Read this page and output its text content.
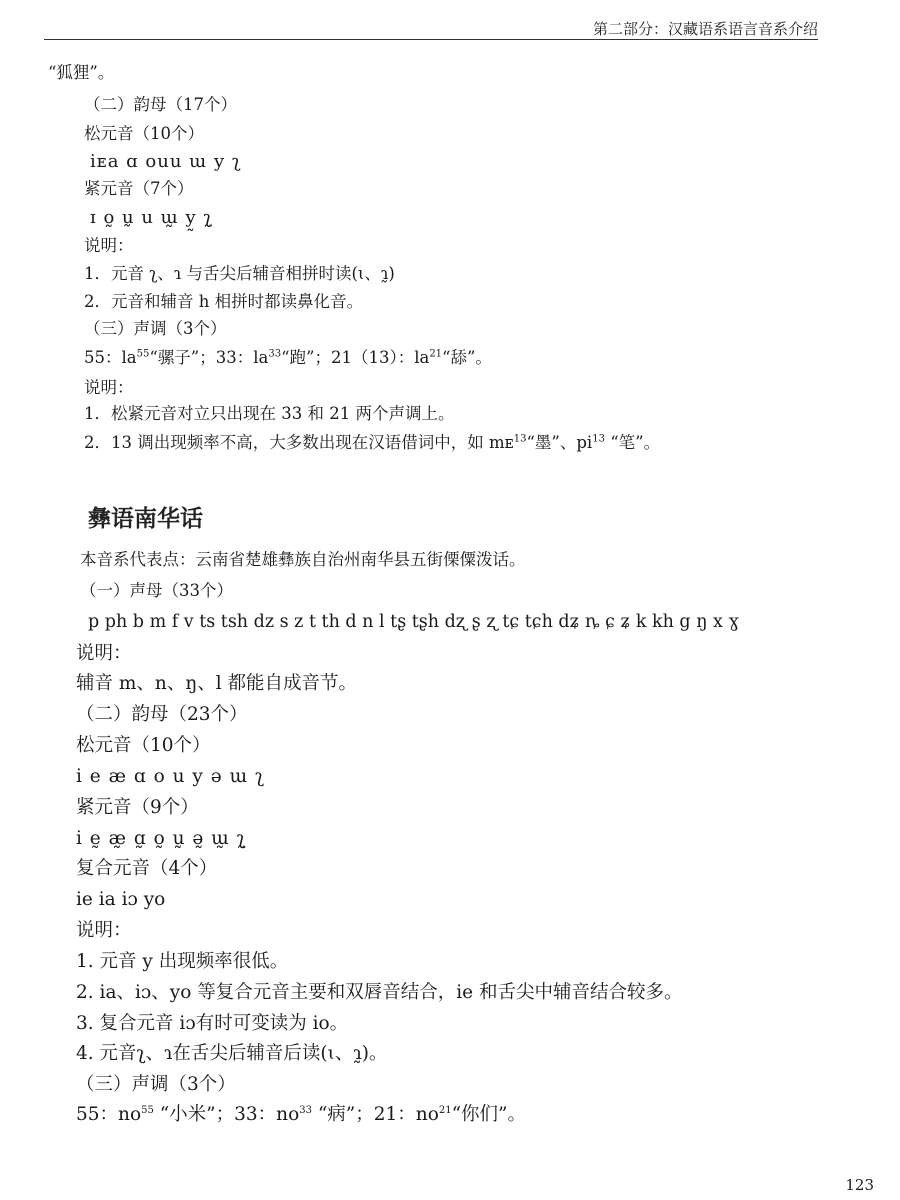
第二部分：汉藏语系语言音系介绍
“狐狸”。
（二）韵母（17个）
松元音（10个）
iᴇa ɑ ouu ɯ y ʅ
紧元音（7个）
ɪ o̰ ṵ u ɯ̰ y̰ ʅ̰
说明：
1．元音 ʅ、ɿ 与舌尖后辅音相拼时读(ɩ、ɿ̰)
2．元音和辅音 h 相拼时都读鼻化音。
（三）声调（3个）
55：$la^{55}“$骡子”；33：$la^{33}“$跑”；21（13）：$la^{21}“$舔”。
说明：
1．松紧元音对立只出现在 33 和 21 两个声调上。
2．13 调出现频率不高，大多数出现在汉语借词中，如 mᴇ$^{13}$“墨”、$pi^{13}$ “笔”。
彝语南华话
本音系代表点：云南省楚雄彝族自治州南华县五街傈僳泼话。
（一）声母（33个）
p ph b m f v ts tsh dz s z t th d n l tʂ tʂh dʐ ʂ ʐ tɕ tɕh dʑ ȵ ɕ ʑ k kh g ŋ x ɣ
说明：
辅音 m、n、ŋ、l 都能自成音节。
（二）韵母（23个）
松元音（10个）
i e æ ɑ o u y ə ɯ ʅ
紧元音（9个）
i ḛ æ̰ ɑ̰ o̰ ṵ ə̰ ɯ̰ ʅ̰
复合元音（4个）
ie ia iɔ yo
说明：
1. 元音 y 出现频率很低。
2. ia、iɔ、yo 等复合元音主要和双唇音结合，ie 和舌尖中辅音结合较多。
3. 复合元音 iɔ有时可变读为 io。
4. 元音ʅ、ɿ在舌尖后辅音后读(ɩ、ɿ̰)。
（三）声调（3个）
55：$no^{55}$ “小米”；33：$no^{33}$ “病”；21：$no^{21}“$你们”。
123
